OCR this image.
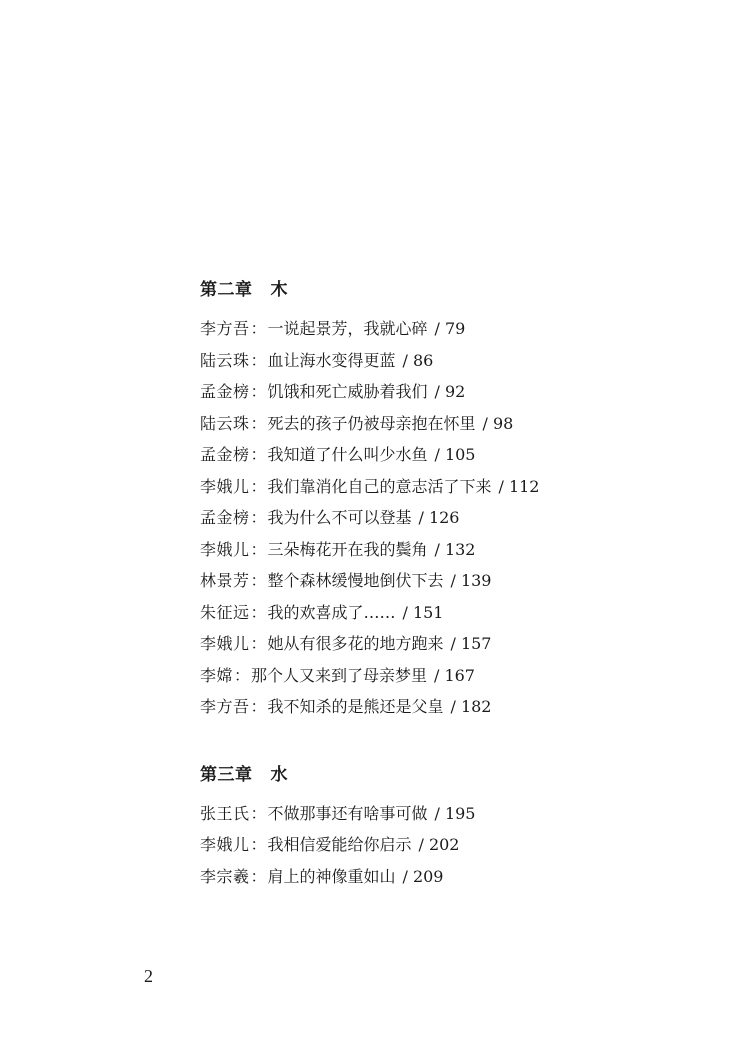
第二章 木
李方吾：一说起景芳，我就心碎 / 79
陆云珠：血让海水变得更蓝 / 86
孟金榜：饥饿和死亡威胁着我们 / 92
陆云珠：死去的孩子仍被母亲抱在怀里 / 98
孟金榜：我知道了什么叫少水鱼 / 105
李娥儿：我们靠消化自己的意志活了下来 / 112
孟金榜：我为什么不可以登基 / 126
李娥儿：三朵梅花开在我的鬓角 / 132
林景芳：整个森林缓慢地倒伏下去 / 139
朱征远：我的欢喜成了…… / 151
李娥儿：她从有很多花的地方跑来 / 157
李嫦：那个人又来到了母亲梦里 / 167
李方吾：我不知杀的是熊还是父皇 / 182
第三章 水
张王氏：不做那事还有啥事可做 / 195
李娥儿：我相信爱能给你启示 / 202
李宗羲：肩上的神像重如山 / 209
2
